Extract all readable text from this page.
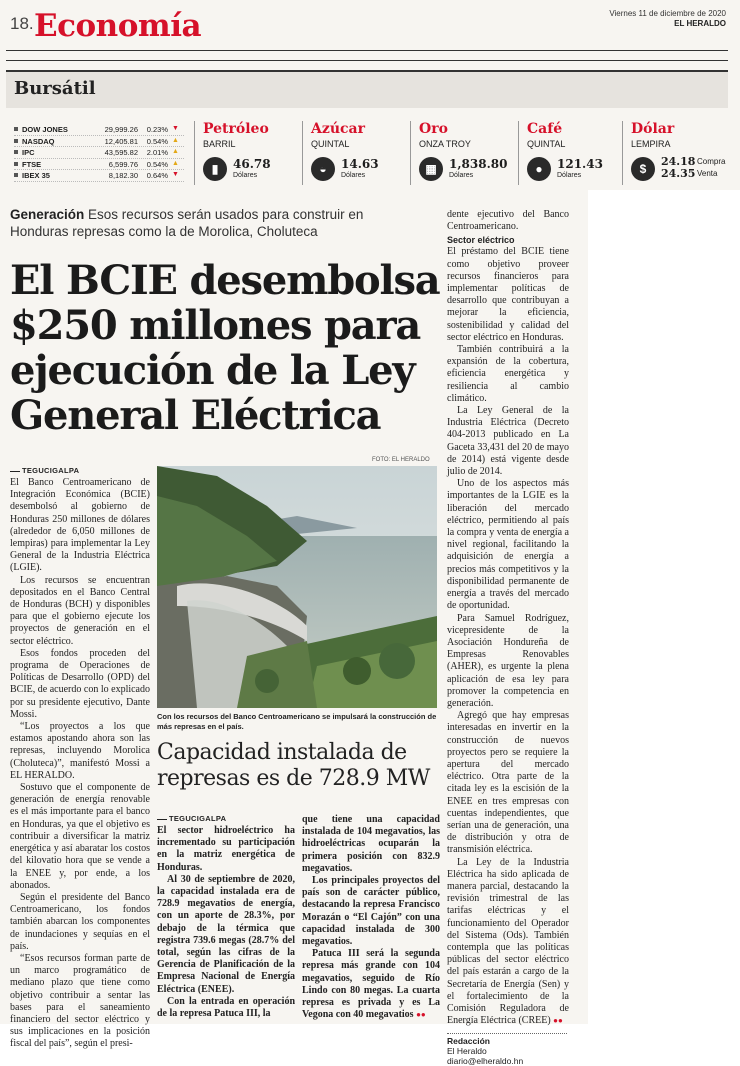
18. Economía	Viernes 11 de diciembre de 2020
EL HERALDO
Bursátil
DOW JONES	29,999.26	0.23% ▼
NASDAQ	12,405.81	0.54% ▲
IPC	43,595.82	2.01% ▲
FTSE	6,599.76	0.54% ▲
IBEX 35	8,182.30	0.64% ▼
Petróleo
BARRIL
▮	46.78
Dólares
Azúcar
QUINTAL
◒	14.63
Dólares
Oro
ONZA TROY
▦	1,838.80
Dólares
Café
QUINTAL
●	121.43
Dólares
Dólar
LEMPIRA
$
24.18
24.35
Compra
Venta
Generación Esos recursos serán usados para construir en Honduras represas como la de Morolica, Choluteca
El BCIE desembolsa $250 millones para ejecución de la Ley General Eléctrica
TEGUCIGALPA

El Banco Centroamericano de Integración Económica (BCIE) desembolsó al gobierno de Honduras 250 millones de dólares (alrededor de 6,050 millones de lempiras) para implementar la Ley General de la Industria Eléctrica (LGIE).

Los recursos se encuentran depositados en el Banco Central de Honduras (BCH) y disponibles para que el gobierno ejecute los proyectos de generación en el sector eléctrico.

Esos fondos proceden del programa de Operaciones de Políticas de Desarrollo (OPD) del BCIE, de acuerdo con lo explicado por su presidente ejecutivo, Dante Mossi.

“Los proyectos a los que estamos apostando ahora son las represas, incluyendo Morolica (Choluteca)”, manifestó Mossi a EL HERALDO.

Sostuvo que el componente de generación de energía renovable es el más importante para el banco en Honduras, ya que el objetivo es contribuir a diversificar la matriz energética y así abaratar los costos del kilovatio hora que se vende a la ENEE y, por ende, a los abonados.

Según el presidente del Banco Centroamericano, los fondos también abarcan los componentes de inundaciones y sequías en el país.

“Esos recursos forman parte de un marco programático de mediano plazo que tiene como objetivo contribuir a sentar las bases para el saneamiento financiero del sector eléctrico y sus implicaciones en la posición fiscal del país”, según el presi-

FOTO: EL HERALDO
Con los recursos del Banco Centroamericano se impulsará la construcción de más represas en el país.
Capacidad instalada de represas es de 728.9 MW
TEGUCIGALPA

El sector hidroeléctrico ha incrementado su participación en la matriz energética de Honduras.

Al 30 de septiembre de 2020, la capacidad instalada era de 728.9 megavatios de energía, con un aporte de 28.3%, por debajo de la térmica que registra 739.6 megas (28.7% del total, según las cifras de la Gerencia de Planificación de la Empresa Nacional de Energía Eléctrica (ENEE).

Con la entrada en operación de la represa Patuca III, la

que tiene una capacidad instalada de 104 megavatios, las hidroeléctricas ocuparán la primera posición con 832.9 megavatios.

Los principales proyectos del país son de carácter público, destacando la represa Francisco Morazán o “El Cajón” con una capacidad instalada de 300 megavatios.

Patuca III será la segunda represa más grande con 104 megavatios, seguido de Río Lindo con 80 megas. La cuarta represa es privada y es La Vegona con 40 megavatios ●●

dente ejecutivo del Banco Centroamericano.

Sector eléctrico

El préstamo del BCIE tiene como objetivo proveer recursos financieros para implementar políticas de desarrollo que contribuyan a mejorar la eficiencia, sostenibilidad y calidad del sector eléctrico en Honduras.

También contribuirá a la expansión de la cobertura, eficiencia energética y resiliencia al cambio climático.

La Ley General de la Industria Eléctrica (Decreto 404-2013 publicado en La Gaceta 33,431 del 20 de mayo de 2014) está vigente desde julio de 2014.

Uno de los aspectos más importantes de la LGIE es la liberación del mercado eléctrico, permitiendo al país la compra y venta de energía a nivel regional, facilitando la adquisición de energía a precios más competitivos y la disponibilidad permanente de energía a través del mercado de oportunidad.

Para Samuel Rodríguez, vicepresidente de la Asociación Hondureña de Empresas Renovables (AHER), es urgente la plena aplicación de esa ley para promover la competencia en generación.

Agregó que hay empresas interesadas en invertir en la construcción de nuevos proyectos pero se requiere la apertura del mercado eléctrico. Otra parte de la citada ley es la escisión de la ENEE en tres empresas con cuentas independientes, que serían una de generación, una de distribución y otra de transmisión eléctrica.

La Ley de la Industria Eléctrica ha sido aplicada de manera parcial, destacando la revisión trimestral de las tarifas eléctricas y el funcionamiento del Operador del Sistema (Ods). También contempla que las políticas públicas del sector eléctrico del país estarán a cargo de la Secretaría de Energía (Sen) y el fortalecimiento de la Comisión Reguladora de Energía Eléctrica (CREE) ●●

Redacción
El Heraldo
diario@elheraldo.hn
